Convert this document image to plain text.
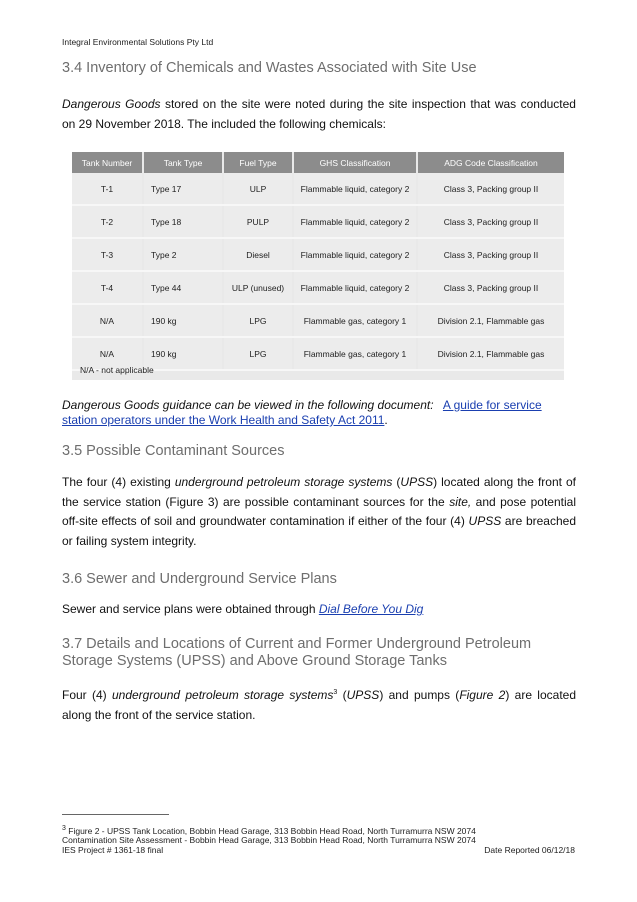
Integral Environmental Solutions Pty Ltd
3.4 Inventory of Chemicals and Wastes Associated with Site Use
Dangerous Goods stored on the site were noted during the site inspection that was conducted on 29 November 2018. The included the following chemicals:
Tank Number	Tank Type	Fuel Type	GHS Classification	ADG Code Classification
T-1	Type 17	ULP	Flammable liquid, category 2	Class 3, Packing group II
T-2	Type 18	PULP	Flammable liquid, category 2	Class 3, Packing group II
T-3	Type 2	Diesel	Flammable liquid, category 2	Class 3, Packing group II
T-4	Type 44	ULP (unused)	Flammable liquid, category 2	Class 3, Packing group II
N/A	190 kg	LPG	Flammable gas, category 1	Division 2.1, Flammable gas
N/A	190 kg	LPG	Flammable gas, category 1	Division 2.1, Flammable gas
N/A - not applicable
Dangerous Goods guidance can be viewed in the following document: A guide for service station operators under the Work Health and Safety Act 2011.
3.5 Possible Contaminant Sources
The four (4) existing underground petroleum storage systems (UPSS) located along the front of the service station (Figure 3) are possible contaminant sources for the site, and pose potential off-site effects of soil and groundwater contamination if either of the four (4) UPSS are breached or failing system integrity.
3.6 Sewer and Underground Service Plans
Sewer and service plans were obtained through Dial Before You Dig
3.7 Details and Locations of Current and Former Underground Petroleum Storage Systems (UPSS) and Above Ground Storage Tanks
Four (4) underground petroleum storage systems$^3$ (UPSS) and pumps (Figure 2) are located along the front of the service station.
$^3$ Figure 2 - UPSS Tank Location, Bobbin Head Garage, 313 Bobbin Head Road, North Turramurra NSW 2074
Contamination Site Assessment - Bobbin Head Garage, 313 Bobbin Head Road, North Turramurra NSW 2074
IES Project # 1361-18 final	Date Reported 06/12/18
